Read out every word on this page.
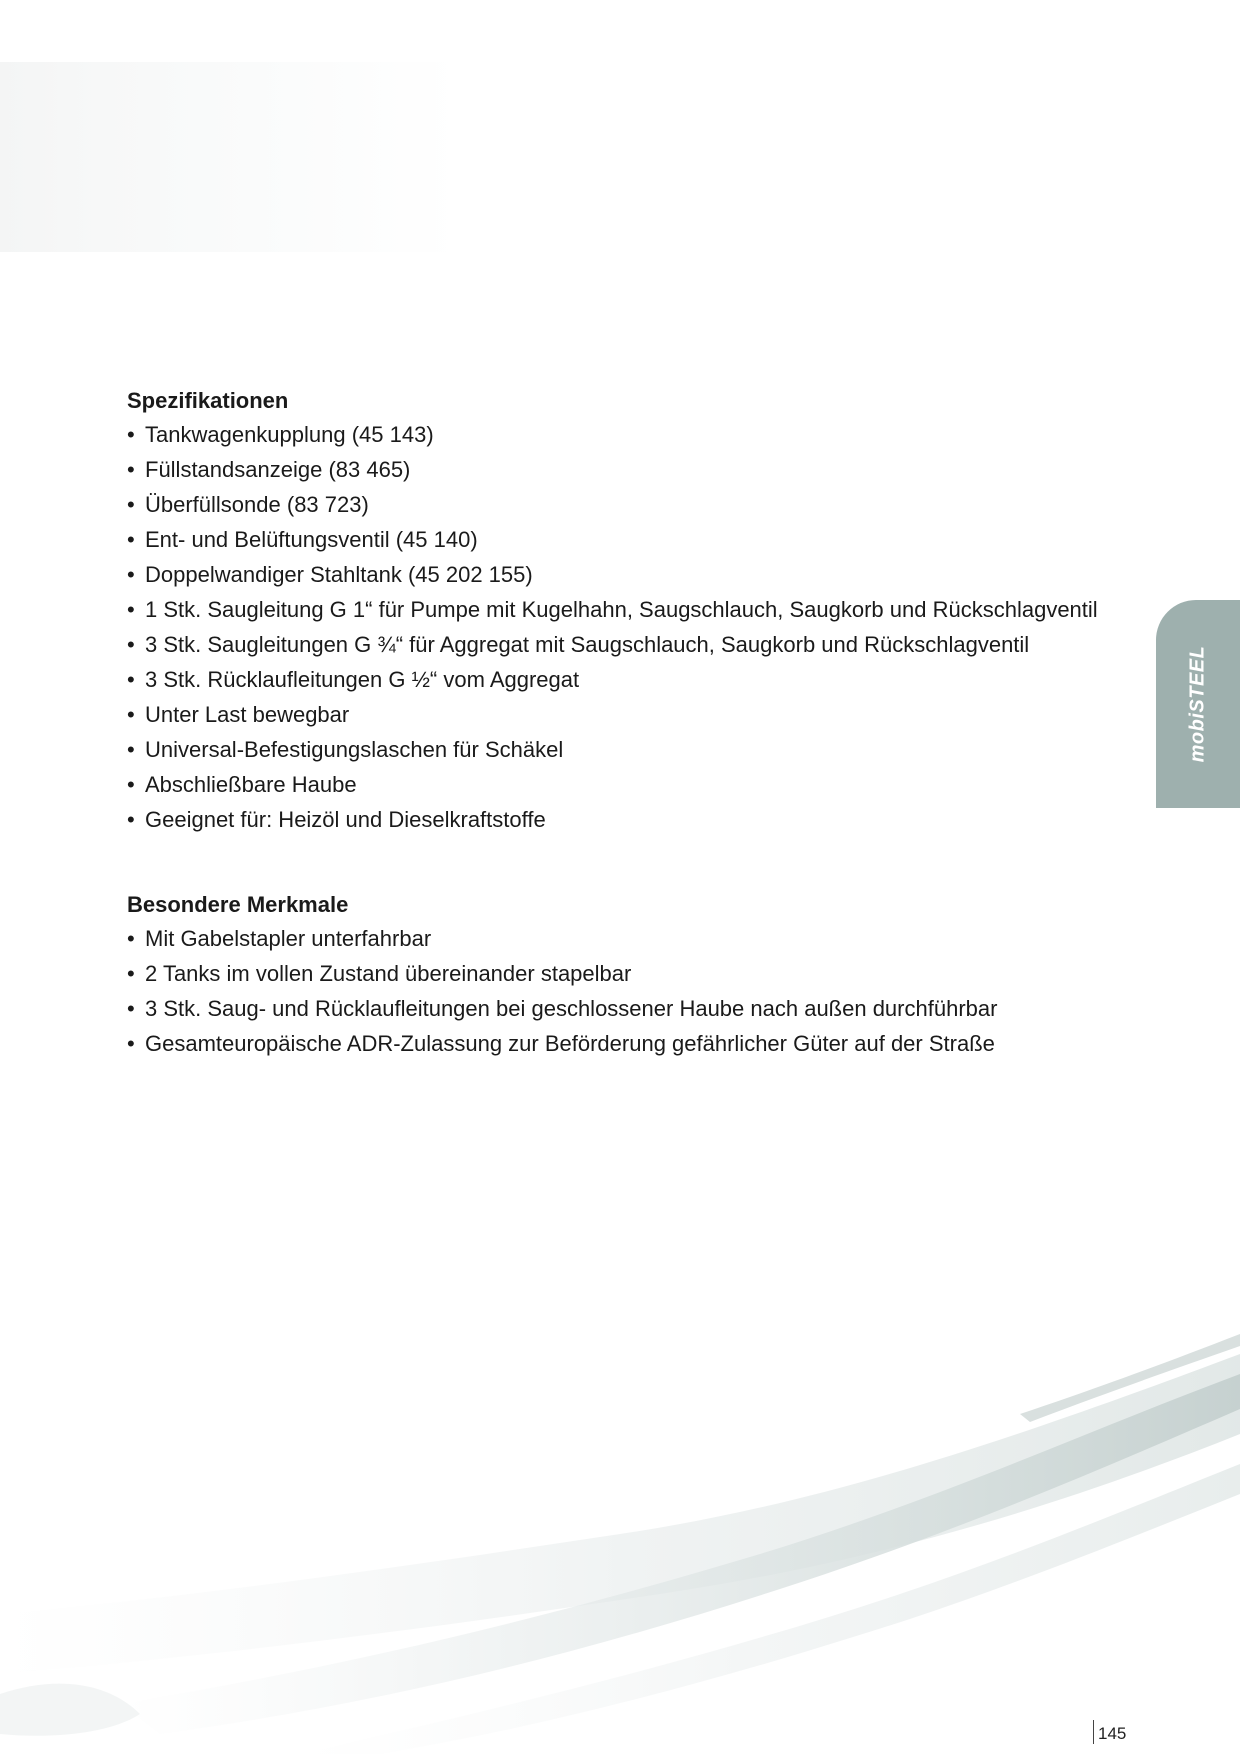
Spezifikationen
• Tankwagenkupplung (45 143)
• Füllstandsanzeige (83 465)
• Überfüllsonde (83 723)
• Ent- und Belüftungsventil (45 140)
• Doppelwandiger Stahltank (45 202 155)
• 1 Stk. Saugleitung G 1“ für Pumpe mit Kugelhahn, Saugschlauch, Saugkorb und Rückschlagventil
• 3 Stk. Saugleitungen G ¾“ für Aggregat mit Saugschlauch, Saugkorb und Rückschlagventil
• 3 Stk. Rücklaufleitungen G ½“ vom Aggregat
• Unter Last bewegbar
• Universal-Befestigungslaschen für Schäkel
• Abschließbare Haube
• Geeignet für: Heizöl und Dieselkraftstoffe
Besondere Merkmale
• Mit Gabelstapler unterfahrbar
• 2 Tanks im vollen Zustand übereinander stapelbar
• 3 Stk. Saug- und Rücklaufleitungen bei geschlossener Haube nach außen durchführbar
• Gesamteuropäische ADR-Zulassung zur Beförderung gefährlicher Güter auf der Straße
mobiSTEEL
145
